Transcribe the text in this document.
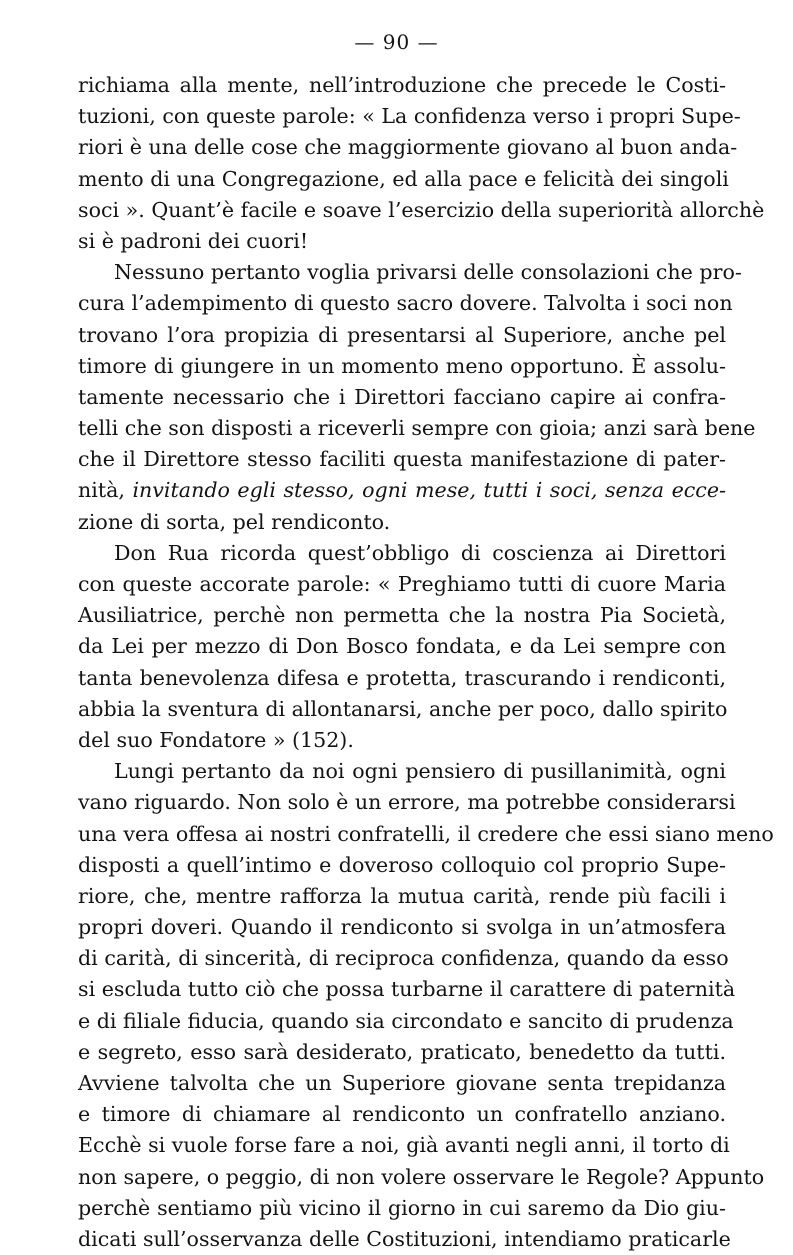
— 90 —
richiama alla mente, nell’introduzione che precede le Costi-
tuzioni, con queste parole: « La confidenza verso i propri Supe-
riori è una delle cose che maggiormente giovano al buon anda-
mento di una Congregazione, ed alla pace e felicità dei singoli
soci ». Quant’è facile e soave l’esercizio della superiorità allorchè
si è padroni dei cuori!
Nessuno pertanto voglia privarsi delle consolazioni che pro-
cura l’adempimento di questo sacro dovere. Talvolta i soci non
trovano l’ora propizia di presentarsi al Superiore, anche pel
timore di giungere in un momento meno opportuno. È assolu-
tamente necessario che i Direttori facciano capire ai confra-
telli che son disposti a riceverli sempre con gioia; anzi sarà bene
che il Direttore stesso faciliti questa manifestazione di pater-
nità, invitando egli stesso, ogni mese, tutti i soci, senza ecce-
zione di sorta, pel rendiconto.
Don Rua ricorda quest’obbligo di coscienza ai Direttori
con queste accorate parole: « Preghiamo tutti di cuore Maria
Ausiliatrice, perchè non permetta che la nostra Pia Società,
da Lei per mezzo di Don Bosco fondata, e da Lei sempre con
tanta benevolenza difesa e protetta, trascurando i rendiconti,
abbia la sventura di allontanarsi, anche per poco, dallo spirito
del suo Fondatore » (152).
Lungi pertanto da noi ogni pensiero di pusillanimità, ogni
vano riguardo. Non solo è un errore, ma potrebbe considerarsi
una vera offesa ai nostri confratelli, il credere che essi siano meno
disposti a quell’intimo e doveroso colloquio col proprio Supe-
riore, che, mentre rafforza la mutua carità, rende più facili i
propri doveri. Quando il rendiconto si svolga in un’atmosfera
di carità, di sincerità, di reciproca confidenza, quando da esso
si escluda tutto ciò che possa turbarne il carattere di paternità
e di filiale fiducia, quando sia circondato e sancito di prudenza
e segreto, esso sarà desiderato, praticato, benedetto da tutti.
Avviene talvolta che un Superiore giovane senta trepidanza
e timore di chiamare al rendiconto un confratello anziano.
Ecchè si vuole forse fare a noi, già avanti negli anni, il torto di
non sapere, o peggio, di non volere osservare le Regole? Appunto
perchè sentiamo più vicino il giorno in cui saremo da Dio giu-
dicati sull’osservanza delle Costituzioni, intendiamo praticarle
